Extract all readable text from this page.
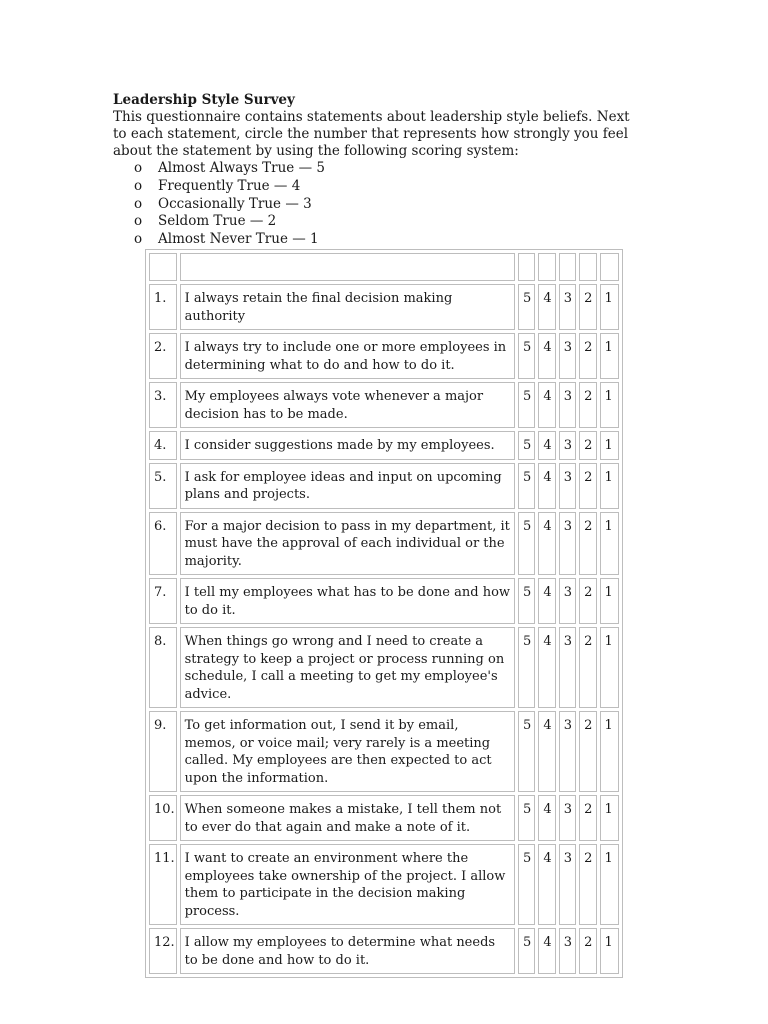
Leadership Style Survey

This questionnaire contains statements about leadership style beliefs. Next to each statement, circle the number that represents how strongly you feel about the statement by using the following scoring system:

o Almost Always True — 5
o Frequently True — 4
o Occasionally True — 3
o Seldom True — 2
o Almost Never True — 1

1.	I always retain the final decision making authority	5	4	3	2	1
2.	I always try to include one or more employees in determining what to do and how to do it.	5	4	3	2	1
3.	My employees always vote whenever a major decision has to be made.	5	4	3	2	1
4.	I consider suggestions made by my employees.	5	4	3	2	1
5.	I ask for employee ideas and input on upcoming plans and projects.	5	4	3	2	1
6.	For a major decision to pass in my department, it must have the approval of each individual or the majority.	5	4	3	2	1
7.	I tell my employees what has to be done and how to do it.	5	4	3	2	1
8.	When things go wrong and I need to create a strategy to keep a project or process running on schedule, I call a meeting to get my employee's advice.	5	4	3	2	1
9.	To get information out, I send it by email, memos, or voice mail; very rarely is a meeting called. My employees are then expected to act upon the information.	5	4	3	2	1
10.	When someone makes a mistake, I tell them not to ever do that again and make a note of it.	5	4	3	2	1
11.	I want to create an environment where the employees take ownership of the project. I allow them to participate in the decision making process.	5	4	3	2	1
12.	I allow my employees to determine what needs to be done and how to do it.	5	4	3	2	1
